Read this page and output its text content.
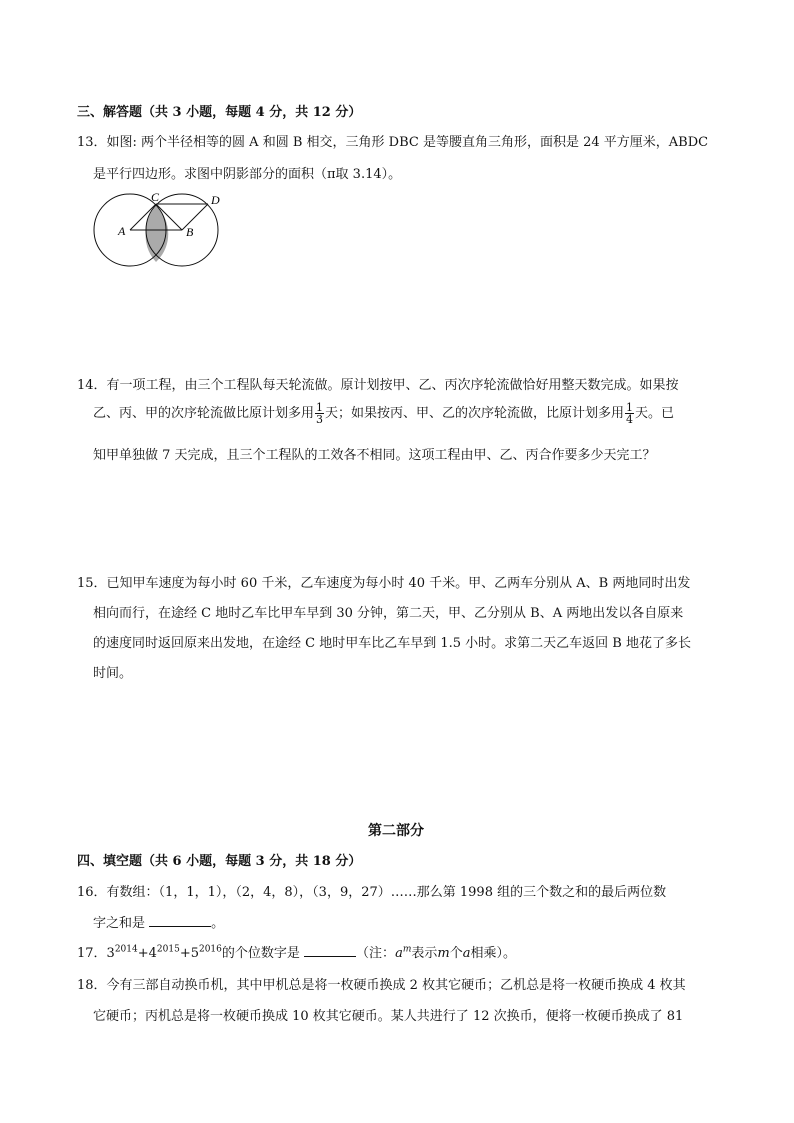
三、解答题（共 3 小题，每题 4 分，共 12 分）
13．如图: 两个半径相等的圆 A 和圆 B 相交，三角形 DBC 是等腰直角三角形，面积是 24 平方厘米，ABDC
是平行四边形。求图中阴影部分的面积（π取 3.14）。
A	B
C	D
14．有一项工程，由三个工程队每天轮流做。原计划按甲、乙、丙次序轮流做恰好用整天数完成。如果按
乙、丙、甲的次序轮流做比原计划多用 $\frac{1}{3}$ 天；如果按丙、甲、乙的次序轮流做，比原计划多用 $\frac{1}{4}$ 天。已
知甲单独做 7 天完成，且三个工程队的工效各不相同。这项工程由甲、乙、丙合作要多少天完工？
15．已知甲车速度为每小时 60 千米，乙车速度为每小时 40 千米。甲、乙两车分别从 A、B 两地同时出发
相向而行，在途经 C 地时乙车比甲车早到 30 分钟，第二天，甲、乙分别从 B、A 两地出发以各自原来
的速度同时返回原来出发地，在途经 C 地时甲车比乙车早到 1.5 小时。求第二天乙车返回 B 地花了多长
时间。
第二部分
四、填空题（共 6 小题，每题 3 分，共 18 分）
16．有数组：（1，1，1），（2，4，8），（3，9，27）……那么第 1998 组的三个数之和的最后两位数
字之和是	。
17．$3^{2014}+4^{2015}+5^{2016}$的个位数字是	（注：$a^m$表示m个a相乘）。
18．今有三部自动换币机，其中甲机总是将一枚硬币换成 2 枚其它硬币；乙机总是将一枚硬币换成 4 枚其
它硬币；丙机总是将一枚硬币换成 10 枚其它硬币。某人共进行了 12 次换币，便将一枚硬币换成了 81
